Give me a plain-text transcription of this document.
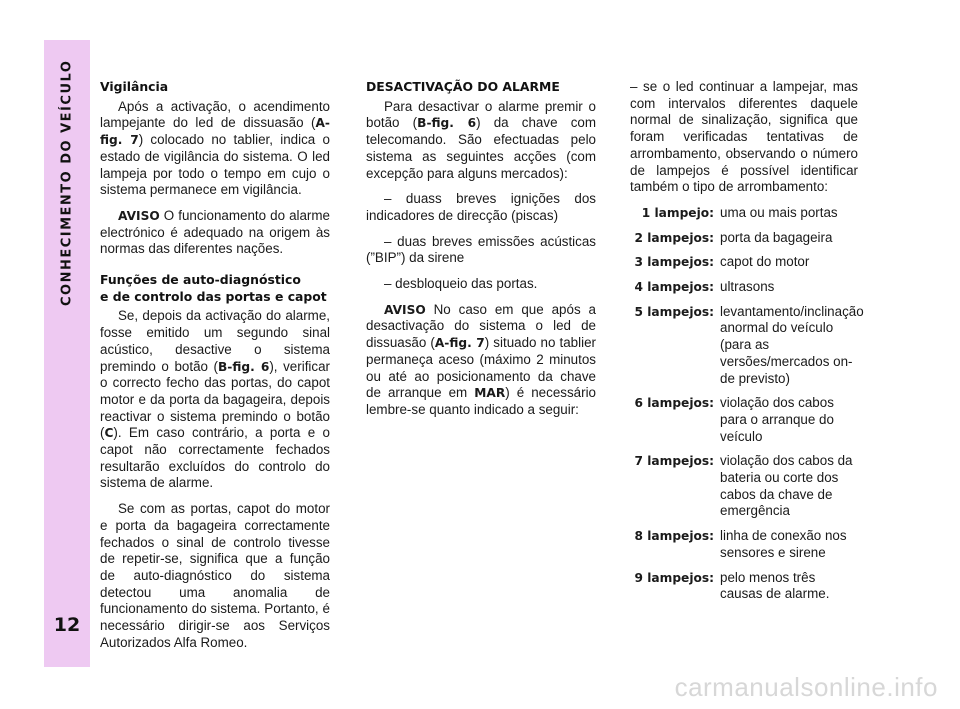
CONHECIMENTO DO VEÍCULO
12
Vigilância

Após a activação, o acendimento lampejante do led de dissuasão (A-fig. 7) colocado no tablier, indica o estado de vigilância do sistema. O led lampeja por todo o tempo em cujo o sistema permanece em vigilância.

AVISO O funcionamento do alarme electrónico é adequado na origem às normas das diferentes nações.

Funções de auto-diagnóstico
e de controlo das portas e capot

Se, depois da activação do alarme, fosse emitido um segundo sinal acústico, desactive o sistema premindo o botão (B-fig. 6), verificar o correcto fecho das portas, do capot motor e da porta da bagageira, depois reactivar o sistema premindo o botão (C). Em caso contrário, a porta e o capot não correctamente fechados resultarão excluídos do controlo do sistema de alarme.

Se com as portas, capot do motor e porta da bagageira correctamente fechados o sinal de controlo tivesse de repetir-se, significa que a função de auto-diagnóstico do sistema detectou uma anomalia de funcionamento do sistema. Portanto, é necessário dirigir-se aos Serviços Autorizados Alfa Romeo.

DESACTIVAÇÃO DO ALARME

Para desactivar o alarme premir o botão (B-fig. 6) da chave com telecomando. São efectuadas pelo sistema as seguintes acções (com excepção para alguns mercados):

– duass breves ignições dos indicadores de direcção (piscas)

– duas breves emissões acústicas (”BIP”) da sirene

– desbloqueio das portas.

AVISO No caso em que após a desactivação do sistema o led de dissuasão (A-fig. 7) situado no tablier permaneça aceso (máximo 2 minutos ou até ao posicionamento da chave de arranque em MAR) é necessário lembre-se quanto indicado a seguir:

– se o led continuar a lampejar, mas com intervalos diferentes daquele normal de sinalização, significa que foram verificadas tentativas de arrombamento, observando o número de lampejos é possível identificar também o tipo de arrombamento:

1 lampejo: uma ou mais portas
2 lampejos: porta da bagageira
3 lampejos: capot do motor
4 lampejos: ultrasons
5 lampejos: levantamento/inclinação anormal do veículo (para as versões/mercados on-de previsto)
6 lampejos: violação dos cabos para o arranque do veículo
7 lampejos: violação dos cabos da bateria ou corte dos cabos da chave de emergência
8 lampejos: linha de conexão nos sensores e sirene
9 lampejos: pelo menos três causas de alarme.
carmanualsonline.info
